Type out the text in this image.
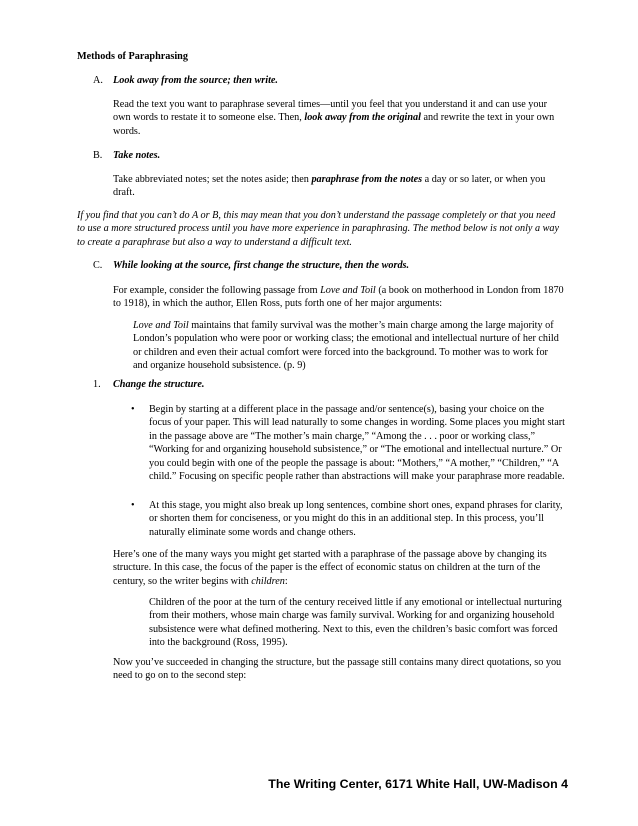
Methods of Paraphrasing
A. Look away from the source; then write.

Read the text you want to paraphrase several times—until you feel that you understand it and can use your own words to restate it to someone else. Then, look away from the original and rewrite the text in your own words.

B.	Take notes.

Take abbreviated notes; set the notes aside; then paraphrase from the notes a day or so later, or when you draft.

If you find that you can’t do A or B, this may mean that you don’t understand the passage completely or that you need to use a more structured process until you have more experience in paraphrasing. The method below is not only a way to create a paraphrase but also a way to understand a difficult text.

C.	While looking at the source, first change the structure, then the words.

For example, consider the following passage from Love and Toil (a book on motherhood in London from 1870 to 1918), in which the author, Ellen Ross, puts forth one of her major arguments:

Love and Toil maintains that family survival was the mother’s main charge among the large majority of London’s population who were poor or working class; the emotional and intellectual nurture of her child or children and even their actual comfort were forced into the background. To mother was to work for and organize household subsistence. (p. 9)

1.	Change the structure.
•	Begin by starting at a different place in the passage and/or sentence(s), basing your choice on the focus of your paper. This will lead naturally to some changes in wording. Some places you might start in the passage above are “The mother’s main charge,” “Among the . . . poor or working class,” “Working for and organizing household subsistence,” or “The emotional and intellectual nurture.” Or you could begin with one of the people the passage is about: “Mothers,” “A mother,” “Children,” “A child.” Focusing on specific people rather than abstractions will make your paraphrase more readable.

•	At this stage, you might also break up long sentences, combine short ones, expand phrases for clarity, or shorten them for conciseness, or you might do this in an additional step. In this process, you’ll naturally eliminate some words and change others.

Here’s one of the many ways you might get started with a paraphrase of the passage above by changing its structure. In this case, the focus of the paper is the effect of economic status on children at the turn of the century, so the writer begins with children:

Children of the poor at the turn of the century received little if any emotional or intellectual nurturing from their mothers, whose main charge was family survival. Working for and organizing household subsistence were what defined mothering. Next to this, even the children’s basic comfort was forced into the background (Ross, 1995).

Now you’ve succeeded in changing the structure, but the passage still contains many direct quotations, so you need to go on to the second step:

The Writing Center, 6171 White Hall, UW-Madison 4
